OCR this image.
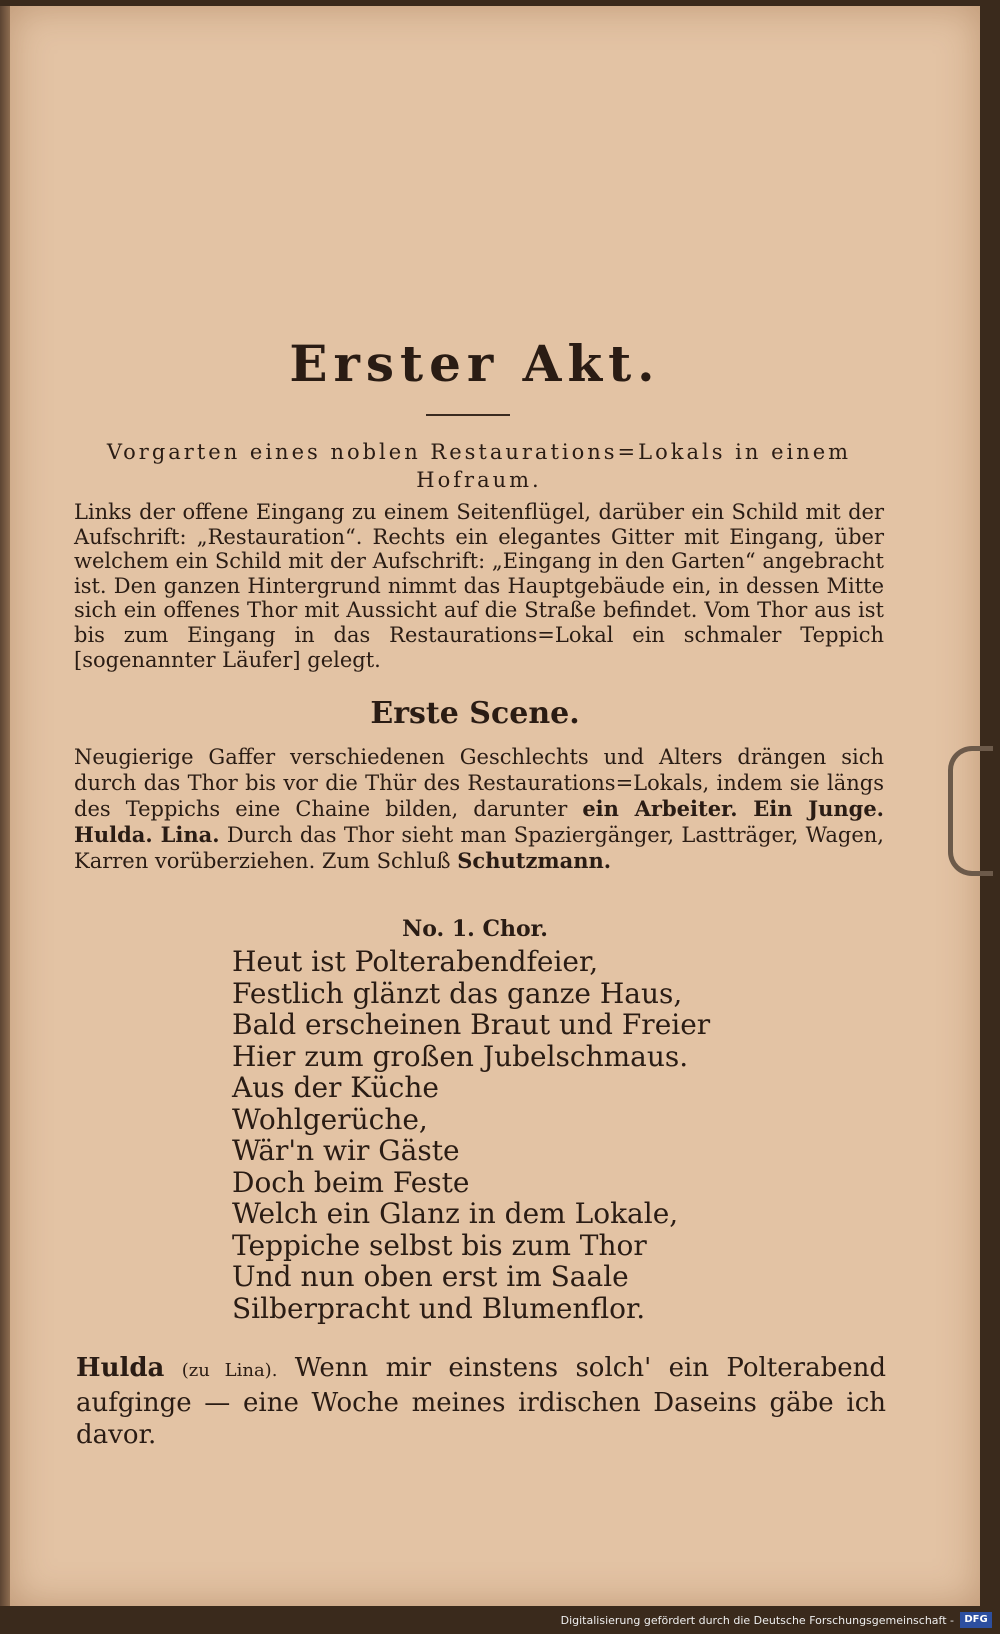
Erster Akt.
Vorgarten eines noblen Restaurations=Lokals in einem Hofraum.
Links der offene Eingang zu einem Seitenflügel, darüber ein Schild mit der Aufschrift: „Restauration“. Rechts ein elegantes Gitter mit Eingang, über welchem ein Schild mit der Aufschrift: „Eingang in den Garten“ angebracht ist. Den ganzen Hintergrund nimmt das Hauptgebäude ein, in dessen Mitte sich ein offenes Thor mit Aussicht auf die Straße befindet. Vom Thor aus ist bis zum Eingang in das Restaurations=Lokal ein schmaler Teppich [sogenannter Läufer] gelegt.
Erste Scene.
Neugierige Gaffer verschiedenen Geschlechts und Alters drängen sich durch das Thor bis vor die Thür des Restaurations=Lokals, indem sie längs des Teppichs eine Chaine bilden, darunter ein Arbeiter. Ein Junge. Hulda. Lina. Durch das Thor sieht man Spaziergänger, Lastträger, Wagen, Karren vorüberziehen. Zum Schluß Schutzmann.
No. 1. Chor.
Heut ist Polterabendfeier,
Festlich glänzt das ganze Haus,
Bald erscheinen Braut und Freier
Hier zum großen Jubelschmaus.
Aus der Küche
Wohlgerüche,
Wär'n wir Gäste
Doch beim Feste
Welch ein Glanz in dem Lokale,
Teppiche selbst bis zum Thor
Und nun oben erst im Saale
Silberpracht und Blumenflor.
Hulda (zu Lina). Wenn mir einstens solch' ein Polterabend aufginge — eine Woche meines irdischen Daseins gäbe ich davor.
Digitalisierung gefördert durch die Deutsche Forschungsgemeinschaft -	DFG
